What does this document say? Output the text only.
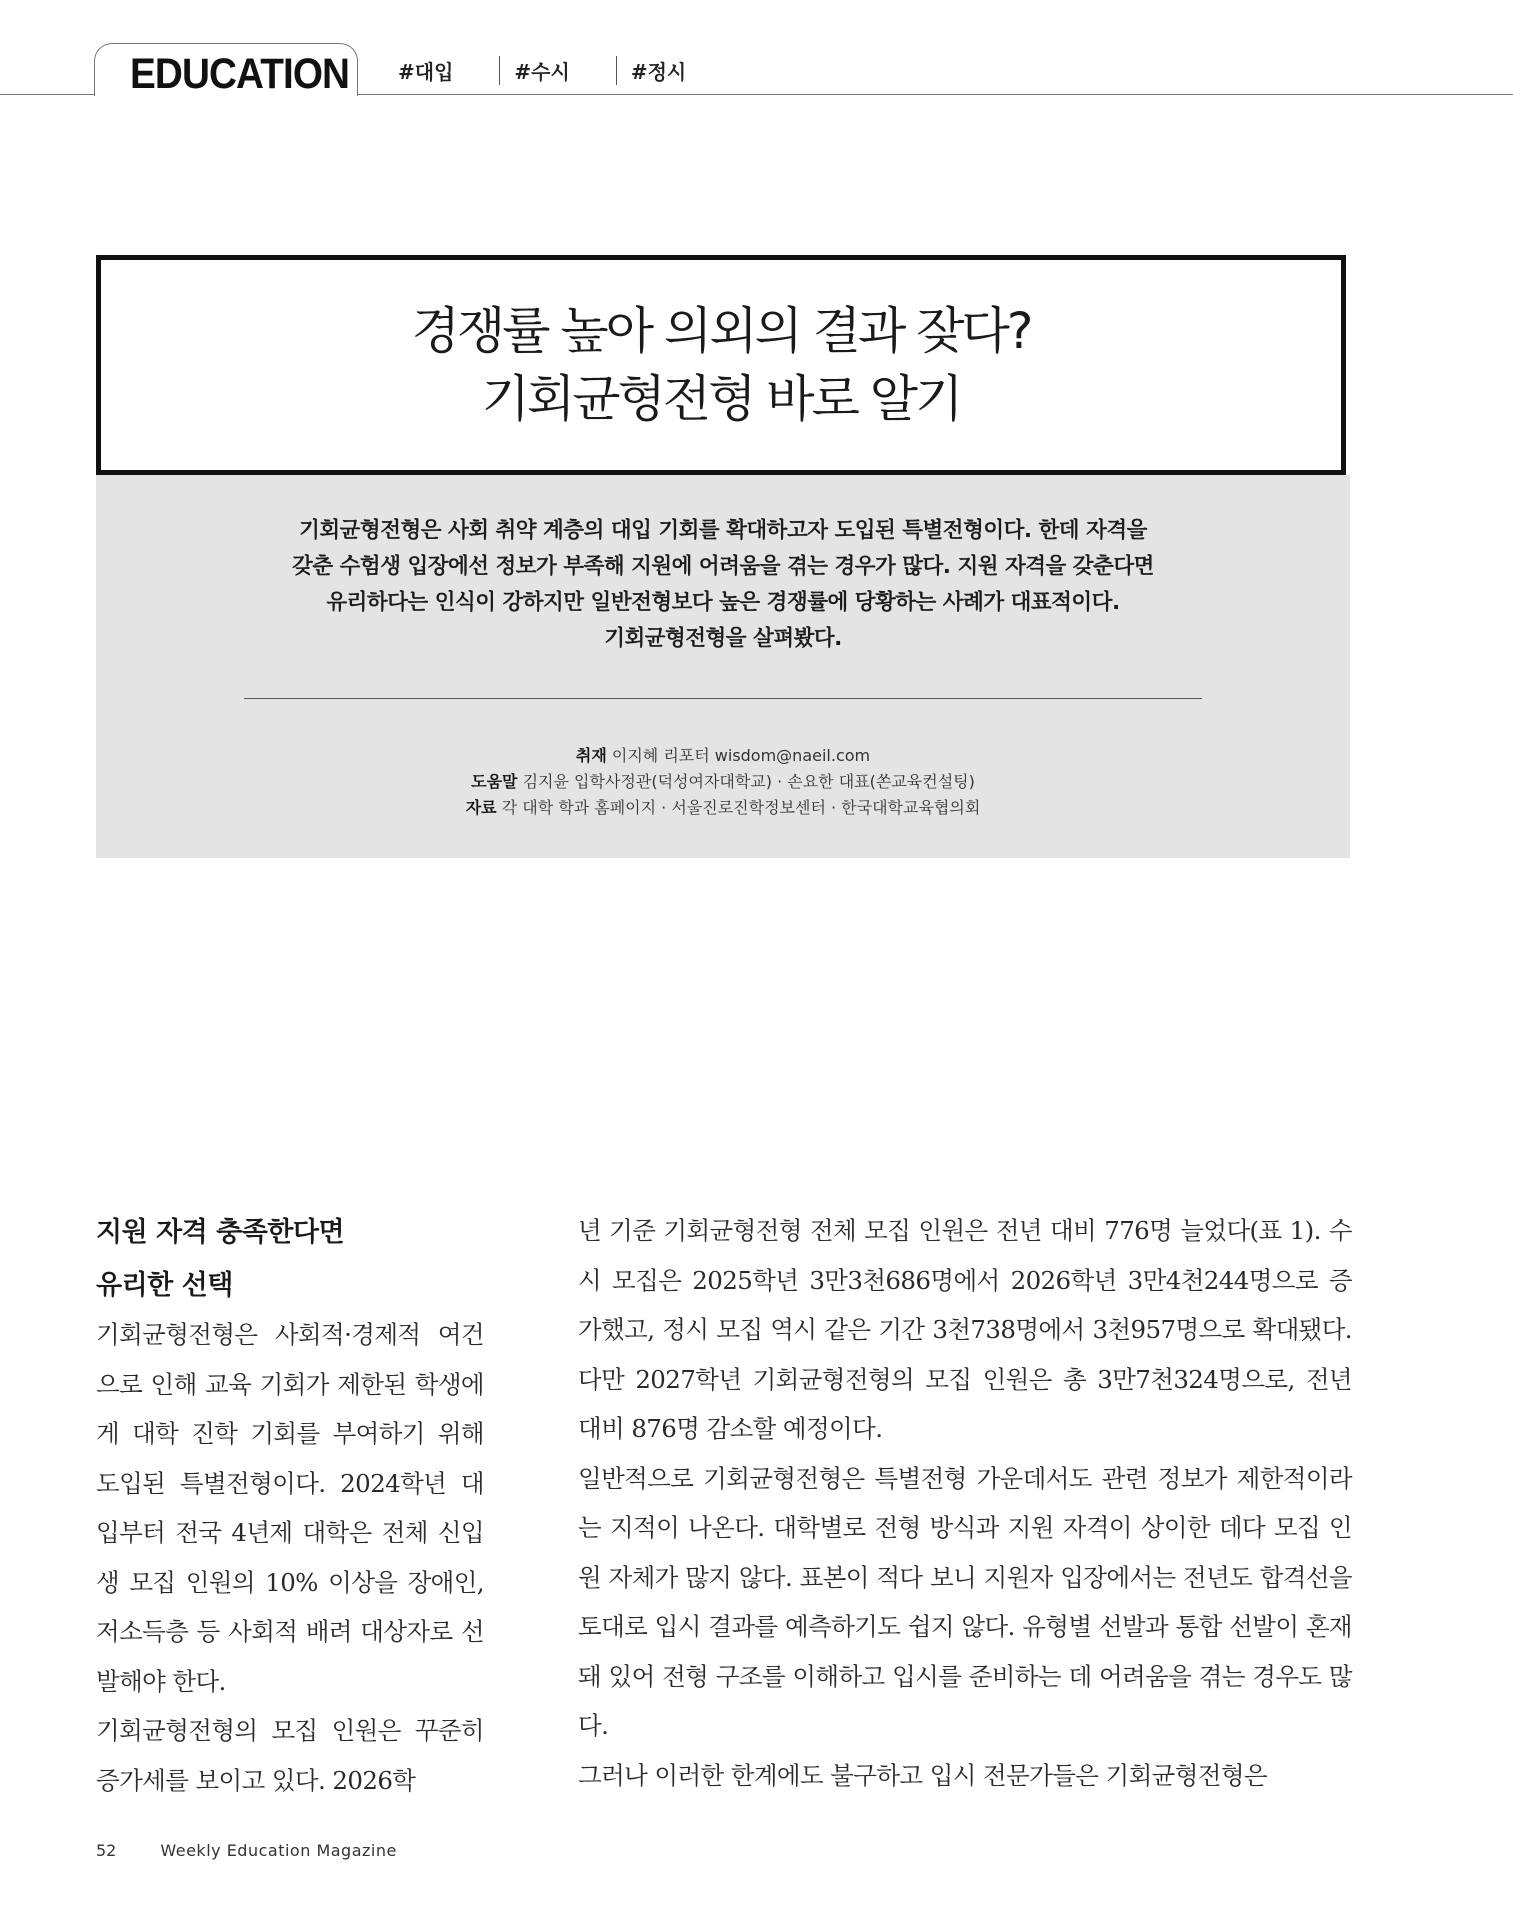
EDUCATION #대입	#수시	#정시
경쟁률 높아 의외의 결과 잦다?
기회균형전형 바로 알기
기회균형전형은 사회 취약 계층의 대입 기회를 확대하고자 도입된 특별전형이다. 한데 자격을
갖춘 수험생 입장에선 정보가 부족해 지원에 어려움을 겪는 경우가 많다. 지원 자격을 갖춘다면
유리하다는 인식이 강하지만 일반전형보다 높은 경쟁률에 당황하는 사례가 대표적이다.
기회균형전형을 살펴봤다.
취재 이지혜 리포터 wisdom@naeil.com
도움말 김지윤 입학사정관(덕성여자대학교) · 손요한 대표(쏜교육컨설팅)
자료 각 대학 학과 홈페이지 · 서울진로진학정보센터 · 한국대학교육협의회
지원 자격 충족한다면
유리한 선택

기회균형전형은 사회적·경제적 여건으로 인해 교육 기회가 제한된 학생에게 대학 진학 기회를 부여하기 위해 도입된 특별전형이다. 2024학년 대입부터 전국 4년제 대학은 전체 신입생 모집 인원의 10% 이상을 장애인, 저소득층 등 사회적 배려 대상자로 선발해야 한다.

기회균형전형의 모집 인원은 꾸준히 증가세를 보이고 있다. 2026학

년 기준 기회균형전형 전체 모집 인원은 전년 대비 776명 늘었다(표 1). 수시 모집은 2025학년 3만3천686명에서 2026학년 3만4천244명으로 증가했고, 정시 모집 역시 같은 기간 3천738명에서 3천957명으로 확대됐다. 다만 2027학년 기회균형전형의 모집 인원은 총 3만7천324명으로, 전년 대비 876명 감소할 예정이다.

일반적으로 기회균형전형은 특별전형 가운데서도 관련 정보가 제한적이라는 지적이 나온다. 대학별로 전형 방식과 지원 자격이 상이한 데다 모집 인원 자체가 많지 않다. 표본이 적다 보니 지원자 입장에서는 전년도 합격선을 토대로 입시 결과를 예측하기도 쉽지 않다. 유형별 선발과 통합 선발이 혼재돼 있어 전형 구조를 이해하고 입시를 준비하는 데 어려움을 겪는 경우도 많다.

그러나 이러한 한계에도 불구하고 입시 전문가들은 기회균형전형은

52	Weekly Education Magazine
